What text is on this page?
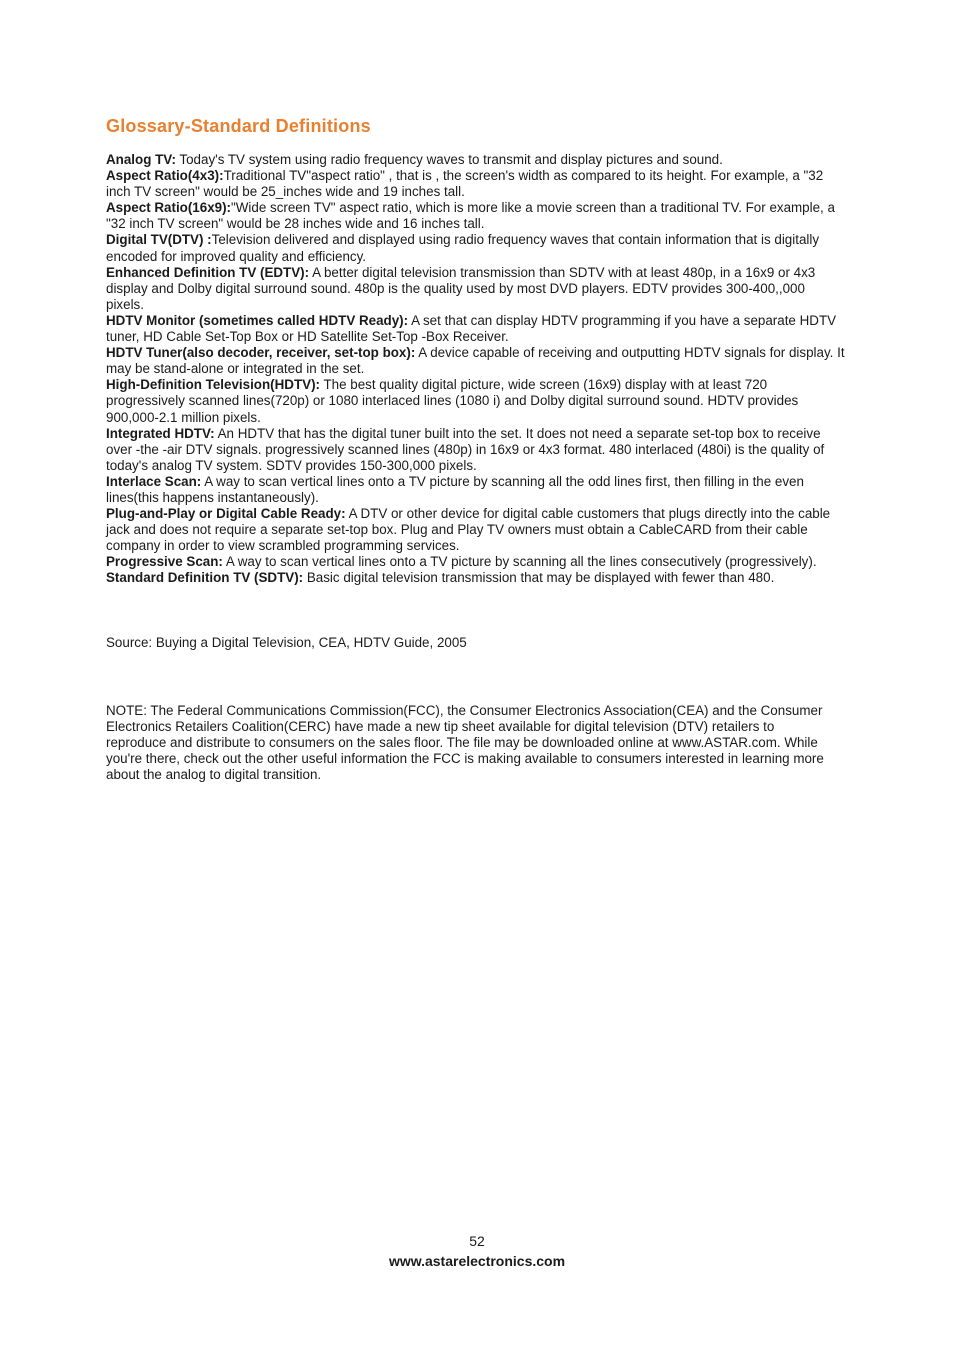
Glossary-Standard Definitions

Analog TV: Today's TV system using radio frequency waves to transmit and display pictures and sound.

Aspect Ratio(4x3):Traditional TV"aspect ratio" , that is , the screen's width as compared to its height. For example, a "32 inch TV screen" would be 25_inches wide and 19 inches tall.

Aspect Ratio(16x9):"Wide screen TV" aspect ratio, which is more like a movie screen than a traditional TV. For example, a "32 inch TV screen" would be 28 inches wide and 16 inches tall.

Digital TV(DTV) :Television delivered and displayed using radio frequency waves that contain information that is digitally encoded for improved quality and efficiency.

Enhanced Definition TV (EDTV): A better digital television transmission than SDTV with at least 480p, in a 16x9 or 4x3 display and Dolby digital surround sound. 480p is the quality used by most DVD players. EDTV provides 300-400,,000 pixels.

HDTV Monitor (sometimes called HDTV Ready): A set that can display HDTV programming if you have a separate HDTV tuner, HD Cable Set-Top Box or HD Satellite Set-Top -Box Receiver.

HDTV Tuner(also decoder, receiver, set-top box): A device capable of receiving and outputting HDTV signals for display. It may be stand-alone or integrated in the set.

High-Definition Television(HDTV): The best quality digital picture, wide screen (16x9) display with at least 720 progressively scanned lines(720p) or 1080 interlaced lines (1080 i) and Dolby digital surround sound. HDTV provides 900,000-2.1 million pixels.

Integrated HDTV: An HDTV that has the digital tuner built into the set. It does not need a separate set-top box to receive over -the -air DTV signals. progressively scanned lines (480p) in 16x9 or 4x3 format. 480 interlaced (480i) is the quality of today's analog TV system. SDTV provides 150-300,000 pixels.

Interlace Scan: A way to scan vertical lines onto a TV picture by scanning all the odd lines first, then filling in the even lines(this happens instantaneously).

Plug-and-Play or Digital Cable Ready: A DTV or other device for digital cable customers that plugs directly into the cable jack and does not require a separate set-top box. Plug and Play TV owners must obtain a CableCARD from their cable company in order to view scrambled programming services.

Progressive Scan: A way to scan vertical lines onto a TV picture by scanning all the lines consecutively (progressively).

Standard Definition TV (SDTV): Basic digital television transmission that may be displayed with fewer than 480.

Source: Buying a Digital Television, CEA, HDTV Guide, 2005

NOTE: The Federal Communications Commission(FCC), the Consumer Electronics Association(CEA) and the Consumer Electronics Retailers Coalition(CERC) have made a new tip sheet available for digital television (DTV) retailers to reproduce and distribute to consumers on the sales floor. The file may be downloaded online at www.ASTAR.com. While you're there, check out the other useful information the FCC is making available to consumers interested in learning more about the analog to digital transition.

52

www.astarelectronics.com
